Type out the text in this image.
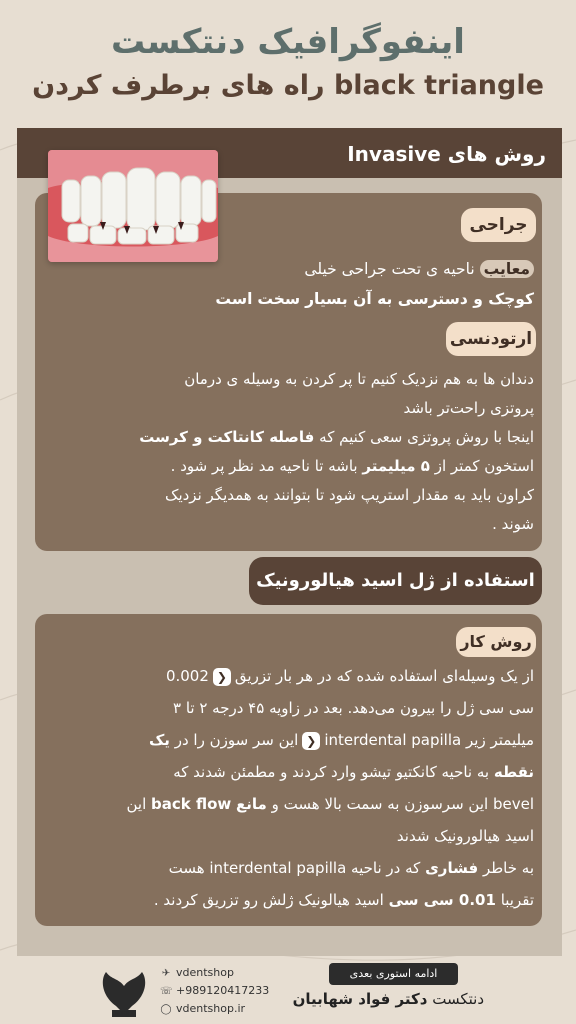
اینفوگرافیک دنتکست
راه های برطرف کردن black triangle
روش های Invasive
جراحی
معایب ناحیه ی تحت جراحی خیلی
کوچک و دسترسی به آن بسیار سخت است
ارتودنسی
دندان ها به هم نزدیک کنیم تا پر کردن به وسیله ی درمان
پروتزی راحت‌تر باشد
اینجا با روش پروتزی سعی کنیم که فاصله کانتاکت و کرست
استخون کمتر از ۵ میلیمتر باشه تا ناحیه مد نظر پر شود .
کراون باید به مقدار استریپ شود تا بتوانند به همدیگر نزدیک
شوند .
استفاده از ژل اسید هیالورونیک
روش کار
از یک وسیله‌ای استفاده شده که در هر بار تزریق❮0.002
سی سی ژل را بیرون می‌دهد. بعد در زاویه ۴۵ درجه ۲ تا ۳
میلیمتر زیر interdental papilla❮این سر سوزن را در یک
نقطه به ناحیه کانکتیو تیشو وارد کردند و مطمئن شدند که
bevel این سرسوزن به سمت بالا هست و مانع back flow این
اسید هیالورونیک شدند
به خاطر فشاری که در ناحیه interdental papilla هست
تقریبا 0.01 سی سی اسید هیالونیک ژلش رو تزریق کردند .
VDENT
✈ vdentshop
☏ +989120417233
◯ vdentshop.ir
ادامه استوری بعدی
دنتکست دکتر فواد شهابیان
